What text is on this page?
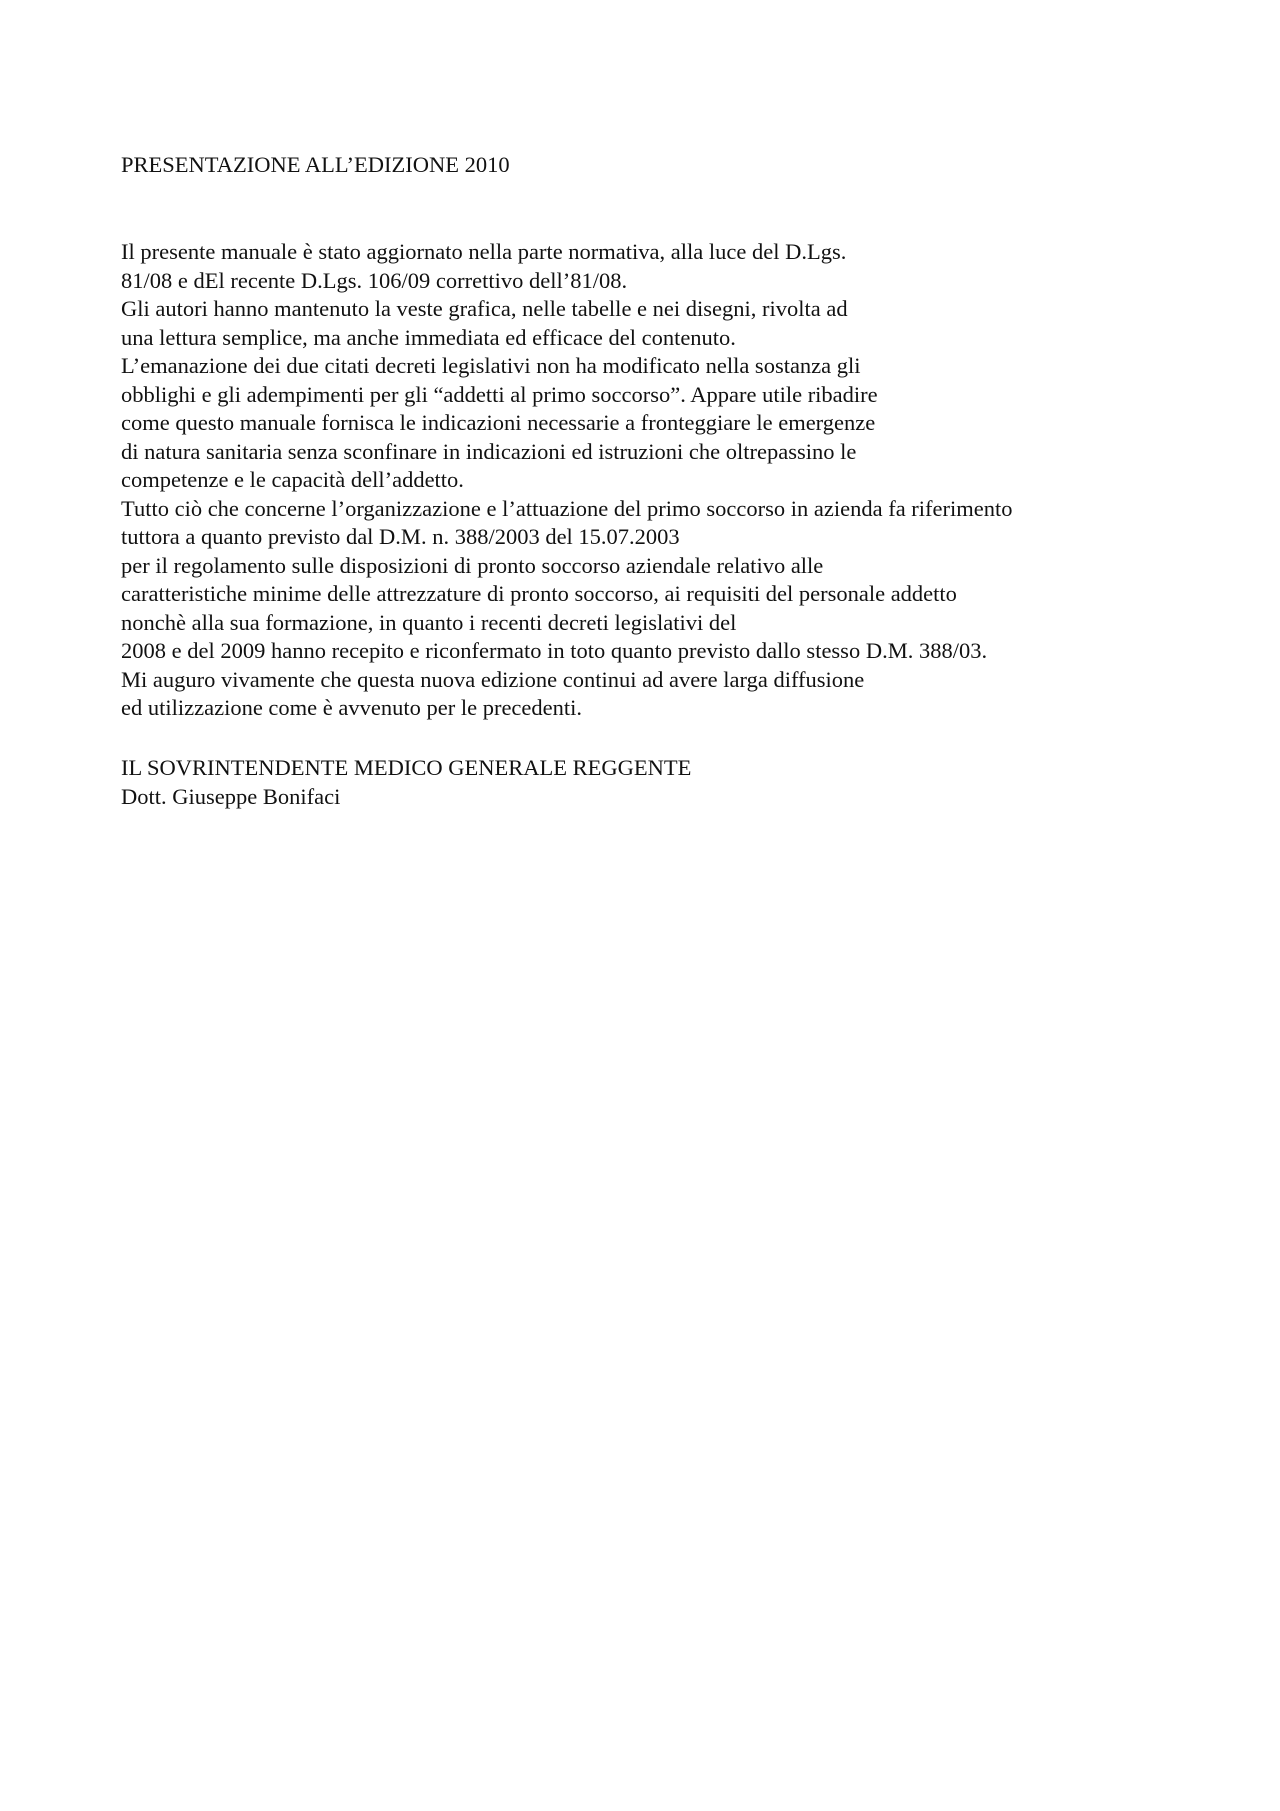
PRESENTAZIONE ALL’EDIZIONE 2010
Il presente manuale è stato aggiornato nella parte normativa, alla luce del D.Lgs.
81/08 e dEl recente D.Lgs. 106/09 correttivo dell’81/08.
Gli autori hanno mantenuto la veste grafica, nelle tabelle e nei disegni, rivolta ad
una lettura semplice, ma anche immediata ed efficace del contenuto.
L’emanazione dei due citati decreti legislativi non ha modificato nella sostanza gli
obblighi e gli adempimenti per gli “addetti al primo soccorso”. Appare utile ribadire
come questo manuale fornisca le indicazioni necessarie a fronteggiare le emergenze
di natura sanitaria senza sconfinare in indicazioni ed istruzioni che oltrepassino le
competenze e le capacità dell’addetto.
Tutto ciò che concerne l’organizzazione e l’attuazione del primo soccorso in azienda fa riferimento
tuttora a quanto previsto dal D.M. n. 388/2003 del 15.07.2003
per il regolamento sulle disposizioni di pronto soccorso aziendale relativo alle
caratteristiche minime delle attrezzature di pronto soccorso, ai requisiti del personale addetto
nonchè alla sua formazione, in quanto i recenti decreti legislativi del
2008 e del 2009 hanno recepito e riconfermato in toto quanto previsto dallo stesso D.M. 388/03.
Mi auguro vivamente che questa nuova edizione continui ad avere larga diffusione
ed utilizzazione come è avvenuto per le precedenti.
IL SOVRINTENDENTE MEDICO GENERALE REGGENTE
Dott. Giuseppe Bonifaci
